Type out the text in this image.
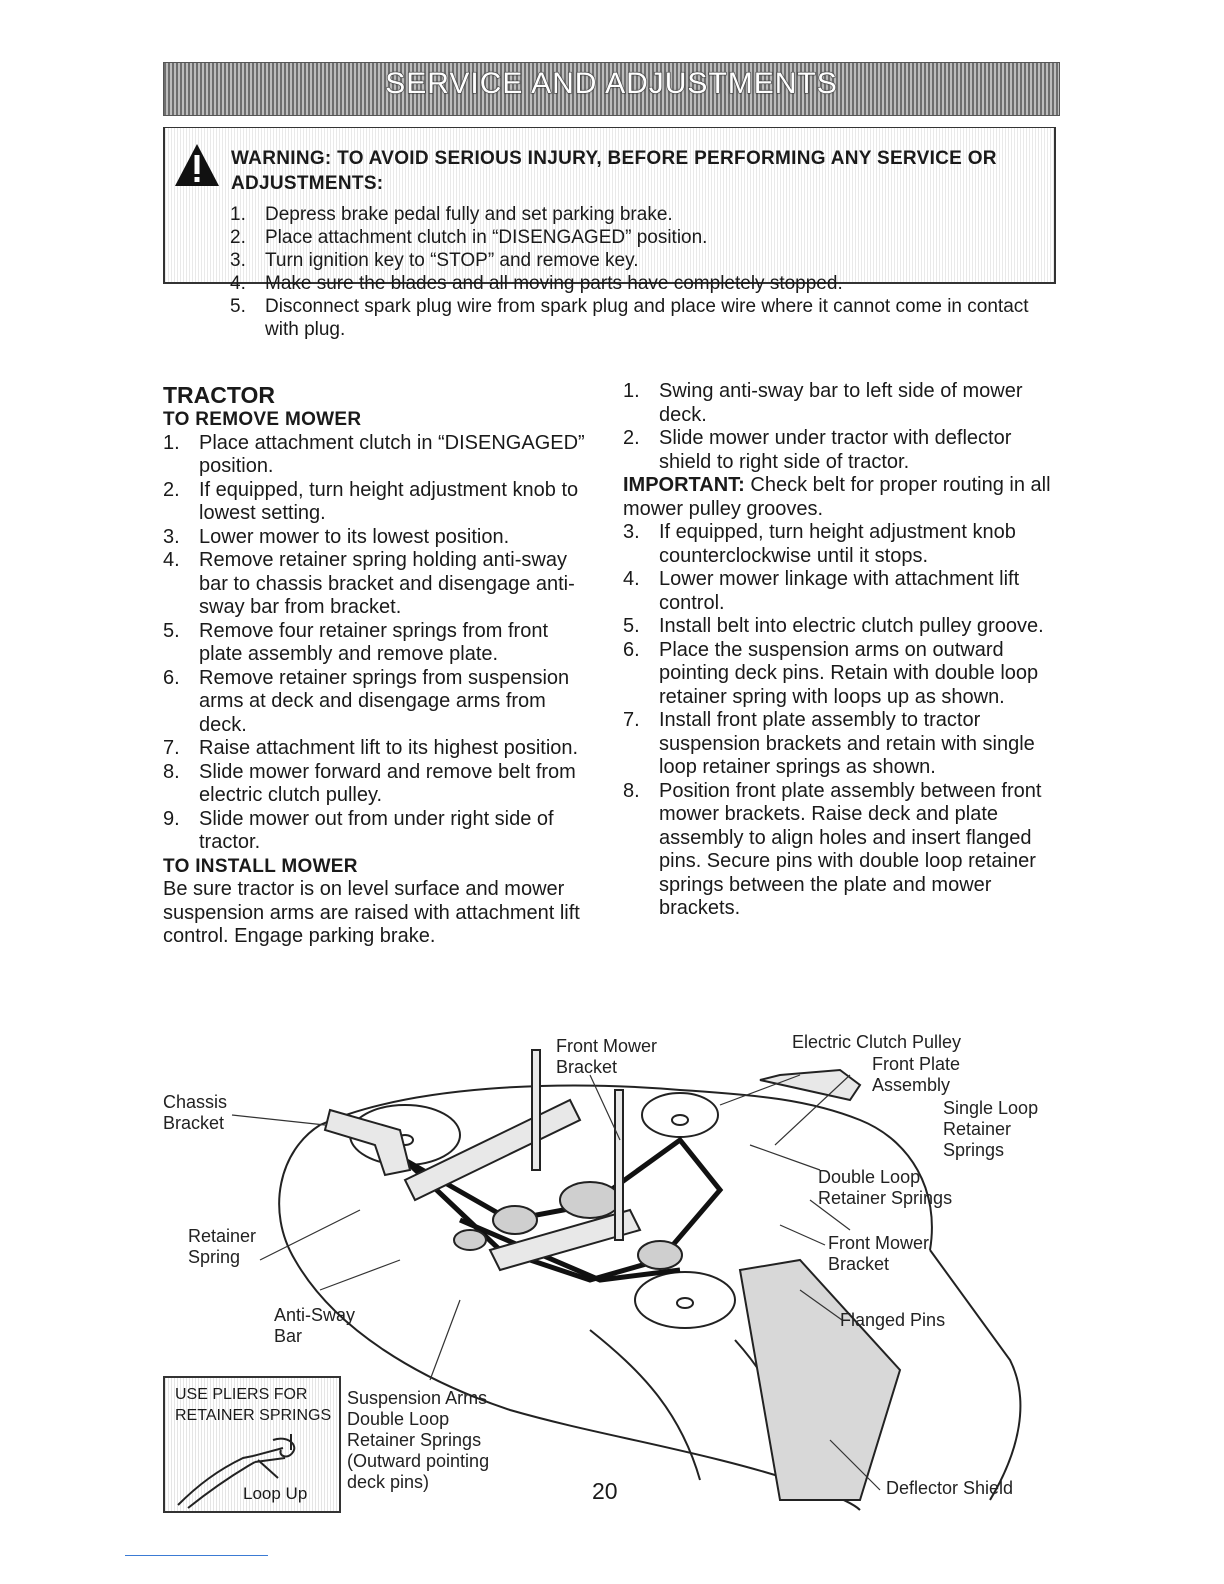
SERVICE AND ADJUSTMENTS
WARNING: TO AVOID SERIOUS INJURY, BEFORE PERFORMING ANY SERVICE OR ADJUSTMENTS:
1. Depress brake pedal fully and set parking brake.
2. Place attachment clutch in “DISENGAGED” position.
3. Turn ignition key to “STOP” and remove key.
4. Make sure the blades and all moving parts have completely stopped.
5. Disconnect spark plug wire from spark plug and place wire where it cannot come in contact with plug.
TRACTOR

TO REMOVE MOWER

1. Place attachment clutch in “DISENGAGED” position.
2. If equipped, turn height adjustment knob to lowest setting.
3. Lower mower to its lowest position.
4. Remove retainer spring holding anti-sway bar to chassis bracket and disengage anti-sway bar from bracket.
5. Remove four retainer springs from front plate assembly and remove plate.
6. Remove retainer springs from suspension arms at deck and disengage arms from deck.
7. Raise attachment lift to its highest position.
8. Slide mower forward and remove belt from electric clutch pulley.
9. Slide mower out from under right side of tractor.

TO INSTALL MOWER

Be sure tractor is on level surface and mower suspension arms are raised with attachment lift control. Engage parking brake.

1. Swing anti-sway bar to left side of mower deck.
2. Slide mower under tractor with deflector shield to right side of tractor.

IMPORTANT: Check belt for proper routing in all mower pulley grooves.

3. If equipped, turn height adjustment knob counterclockwise until it stops.
4. Lower mower linkage with attachment lift control.
5. Install belt into electric clutch pulley groove.
6. Place the suspension arms on outward pointing deck pins. Retain with double loop retainer spring with loops up as shown.
7. Install front plate assembly to tractor suspension brackets and retain with single loop retainer springs as shown.
8. Position front plate assembly between front mower brackets. Raise deck and plate assembly to align holes and insert flanged pins. Secure pins with double loop retainer springs between the plate and mower brackets.
Front Mower
Bracket
Electric Clutch Pulley
Front Plate
Assembly
Single Loop
Retainer
Springs
Chassis
Bracket
Double Loop
Retainer Springs
Retainer
Spring
Front Mower
Bracket
Anti-Sway
Bar
Flanged Pins
Suspension Arms
Double Loop
Retainer Springs
(Outward pointing
deck pins)	Deflector Shield
USE PLIERS FOR
RETAINER SPRINGS
Loop Up	20
